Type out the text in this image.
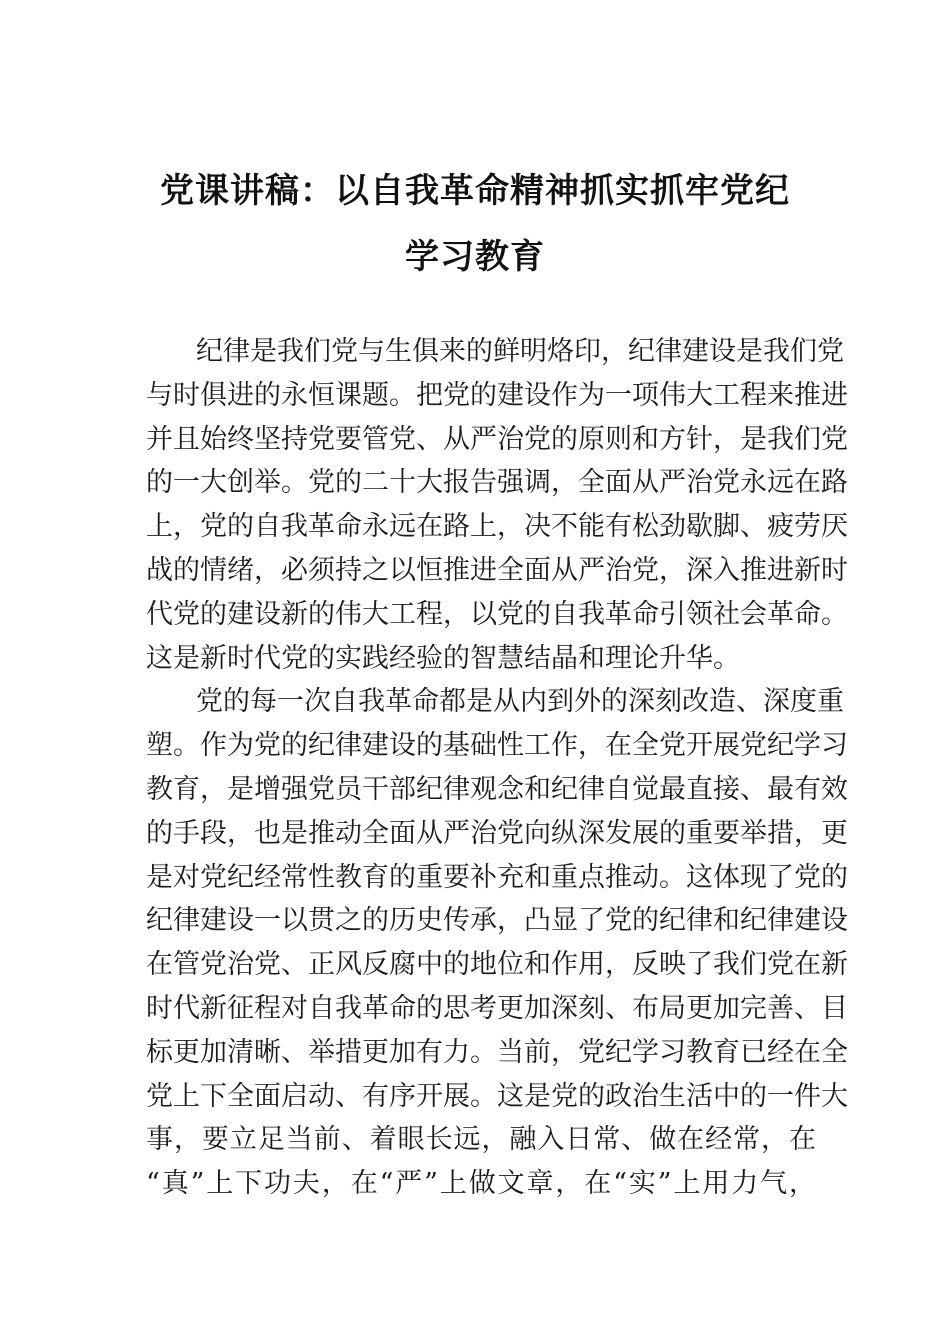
党课讲稿：以自我革命精神抓实抓牢党纪
学习教育
纪律是我们党与生俱来的鲜明烙印，纪律建设是我们党
与时俱进的永恒课题。把党的建设作为一项伟大工程来推进
并且始终坚持党要管党、从严治党的原则和方针，是我们党
的一大创举。党的二十大报告强调，全面从严治党永远在路
上，党的自我革命永远在路上，决不能有松劲歇脚、疲劳厌
战的情绪，必须持之以恒推进全面从严治党，深入推进新时
代党的建设新的伟大工程，以党的自我革命引领社会革命。
这是新时代党的实践经验的智慧结晶和理论升华。
党的每一次自我革命都是从内到外的深刻改造、深度重
塑。作为党的纪律建设的基础性工作，在全党开展党纪学习
教育，是增强党员干部纪律观念和纪律自觉最直接、最有效
的手段，也是推动全面从严治党向纵深发展的重要举措，更
是对党纪经常性教育的重要补充和重点推动。这体现了党的
纪律建设一以贯之的历史传承，凸显了党的纪律和纪律建设
在管党治党、正风反腐中的地位和作用，反映了我们党在新
时代新征程对自我革命的思考更加深刻、布局更加完善、目
标更加清晰、举措更加有力。当前，党纪学习教育已经在全
党上下全面启动、有序开展。这是党的政治生活中的一件大
事，要立足当前、着眼长远，融入日常、做在经常，在
“真”上下功夫，在“严”上做文章，在“实”上用力气，
